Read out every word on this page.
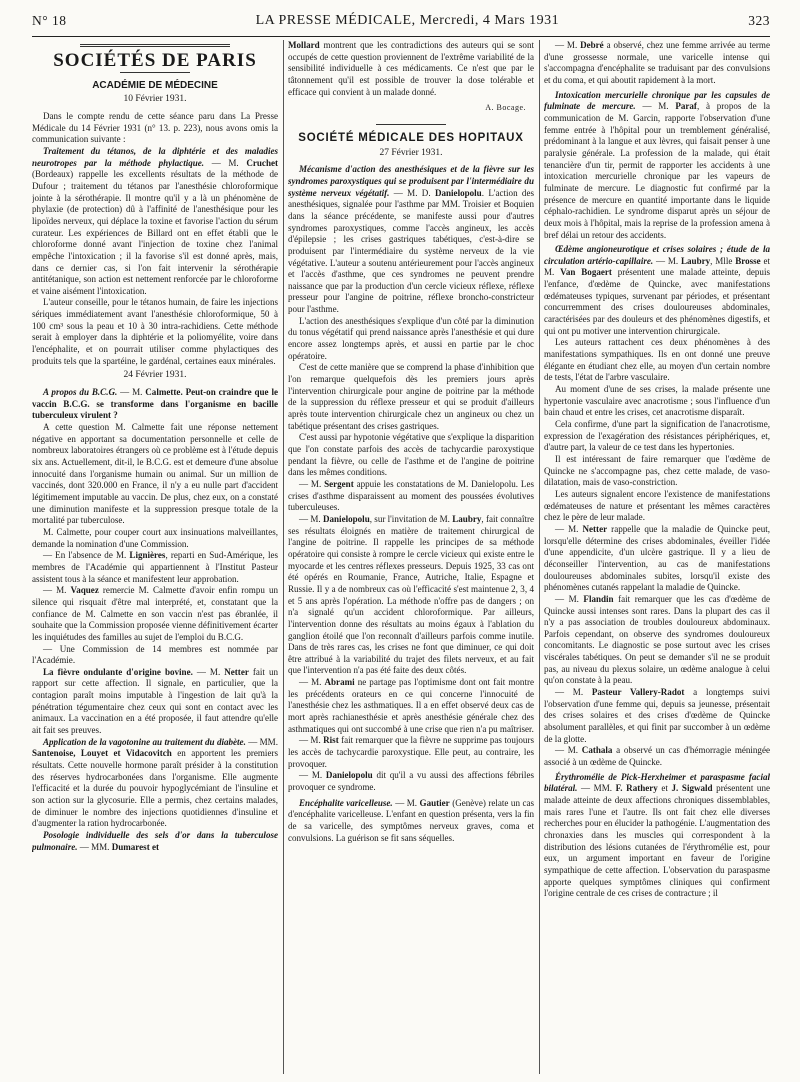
N° 18	LA PRESSE MÉDICALE, Mercredi, 4 Mars 1931	323
SOCIÉTÉS DE PARIS
ACADÉMIE DE MÉDECINE
10 Février 1931.

Dans le compte rendu de cette séance paru dans La Presse Médicale du 14 Février 1931 (n° 13. p. 223), nous avons omis la communication suivante :

Traitement du tétanos, de la diphtérie et des maladies neurotropes par la méthode phylactique. — M. Cruchet (Bordeaux) rappelle les excellents résultats de la méthode de Dufour ; traitement du tétanos par l'anesthésie chloroformique jointe à la sérothérapie. Il montre qu'il y a là un phénomène de phylaxie (de protection) dû à l'affinité de l'anesthésique pour les lipoïdes nerveux, qui déplace la toxine et favorise l'action du sérum curateur. Les expériences de Billard ont en effet établi que le chloroforme donné avant l'injection de toxine chez l'animal empêche l'intoxication ; il la favorise s'il est donné après, mais, dans ce dernier cas, si l'on fait intervenir la sérothérapie antitétanique, son action est nettement renforcée par le chloroforme et vaine aisément l'intoxication.

L'auteur conseille, pour le tétanos humain, de faire les injections sériques immédiatement avant l'anesthésie chloroformique, 50 à 100 cm³ sous la peau et 10 à 30 intra-rachidiens. Cette méthode serait à employer dans la diphtérie et la poliomyélite, voire dans l'encéphalite, et on pourrait utiliser comme phylactiques des produits tels que la spartéine, le gardénal, certaines eaux minérales.

24 Février 1931.

A propos du B.C.G. — M. Calmette. Peut-on craindre que le vaccin B.C.G. se transforme dans l'organisme en bacille tuberculeux virulent ?

A cette question M. Calmette fait une réponse nettement négative en apportant sa documentation personnelle et celle de nombreux laboratoires étrangers où ce problème est à l'étude depuis six ans. Actuellement, dit-il, le B.C.G. est et demeure d'une absolue innocuité dans l'organisme humain ou animal. Sur un million de vaccinés, dont 320.000 en France, il n'y a eu nulle part d'accident légitimement imputable au vaccin. De plus, chez eux, on a constaté une diminution manifeste et la suppression presque totale de la mortalité par tuberculose.

M. Calmette, pour couper court aux insinuations malveillantes, demande la nomination d'une Commission.

— En l'absence de M. Lignières, reparti en Sud-Amérique, les membres de l'Académie qui appartiennent à l'Institut Pasteur assistent tous à la séance et manifestent leur approbation.

— M. Vaquez remercie M. Calmette d'avoir enfin rompu un silence qui risquait d'être mal interprété, et, constatant que la confiance de M. Calmette en son vaccin n'est pas ébranlée, il souhaite que la Commission proposée vienne définitivement écarter les inquiétudes des familles au sujet de l'emploi du B.C.G.

— Une Commission de 14 membres est nommée par l'Académie.

La fièvre ondulante d'origine bovine. — M. Netter fait un rapport sur cette affection. Il signale, en particulier, que la contagion paraît moins imputable à l'ingestion de lait qu'à la pénétration tégumentaire chez ceux qui sont en contact avec les animaux. La vaccination en a été proposée, il faut attendre qu'elle ait fait ses preuves.

Application de la vagotonine au traitement du diabète. — MM. Santenoise, Louyet et Vidacovitch en apportent les premiers résultats. Cette nouvelle hormone paraît présider à la constitution des réserves hydrocarbonées dans l'organisme. Elle augmente l'efficacité et la durée du pouvoir hypoglycémiant de l'insuline et son action sur la glycosurie. Elle a permis, chez certains malades, de diminuer le nombre des injections quotidiennes d'insuline et d'augmenter la ration hydrocarbonée.

Posologie individuelle des sels d'or dans la tuberculose pulmonaire. — MM. Dumarest et

Mollard montrent que les contradictions des auteurs qui se sont occupés de cette question proviennent de l'extrême variabilité de la sensibilité individuelle à ces médicaments. Ce n'est que par le tâtonnement qu'il est possible de trouver la dose tolérable et efficace qui convient à un malade donné.

A. Bocage.
SOCIÉTÉ MÉDICALE DES HOPITAUX
27 Février 1931.

Mécanisme d'action des anesthésiques et de la fièvre sur les syndromes paroxystiques qui se produisent par l'intermédiaire du système nerveux végétatif. — M. D. Danielopolu. L'action des anesthésiques, signalée pour l'asthme par MM. Troisier et Boquien dans la séance précédente, se manifeste aussi pour d'autres syndromes paroxystiques, comme l'accès angineux, les accès d'épilepsie ; les crises gastriques tabétiques, c'est-à-dire se produisent par l'intermédiaire du système nerveux de la vie végétative. L'auteur a soutenu antérieurement pour l'accès angineux et l'accès d'asthme, que ces syndromes ne peuvent prendre naissance que par la production d'un cercle vicieux réflexe, réflexe presseur pour l'angine de poitrine, réflexe broncho-constricteur pour l'asthme.

L'action des anesthésiques s'explique d'un côté par la diminution du tonus végétatif qui prend naissance après l'anesthésie et qui dure encore assez longtemps après, et aussi en partie par le choc opératoire.

C'est de cette manière que se comprend la phase d'inhibition que l'on remarque quelquefois dès les premiers jours après l'intervention chirurgicale pour angine de poitrine par la méthode de la suppression du réflexe presseur et qui se produit d'ailleurs après toute intervention chirurgicale chez un angineux ou chez un tabétique présentant des crises gastriques.

C'est aussi par hypotonie végétative que s'explique la disparition que l'on constate parfois des accès de tachycardie paroxystique pendant la fièvre, ou celle de l'asthme et de l'angine de poitrine dans les mêmes conditions.

— M. Sergent appuie les constatations de M. Danielopolu. Les crises d'asthme disparaissent au moment des poussées évolutives tuberculeuses.

— M. Danielopolu, sur l'invitation de M. Laubry, fait connaître ses résultats éloignés en matière de traitement chirurgical de l'angine de poitrine. Il rappelle les principes de sa méthode opératoire qui consiste à rompre le cercle vicieux qui existe entre le myocarde et les centres réflexes presseurs. Depuis 1925, 33 cas ont été opérés en Roumanie, France, Autriche, Italie, Espagne et Russie. Il y a de nombreux cas où l'efficacité s'est maintenue 2, 3, 4 et 5 ans après l'opération. La méthode n'offre pas de dangers ; on n'a signalé qu'un accident chloroformique. Par ailleurs, l'intervention donne des résultats au moins égaux à l'ablation du ganglion étoilé que l'on reconnaît d'ailleurs parfois comme inutile. Dans de très rares cas, les crises ne font que diminuer, ce qui doit être attribué à la variabilité du trajet des filets nerveux, et au fait que l'intervention n'a pas été faite des deux côtés.

— M. Abrami ne partage pas l'optimisme dont ont fait montre les précédents orateurs en ce qui concerne l'innocuité de l'anesthésie chez les asthmatiques. Il a en effet observé deux cas de mort après rachianesthésie et après anesthésie générale chez des asthmatiques qui ont succombé à une crise que rien n'a pu maîtriser.

— M. Rist fait remarquer que la fièvre ne supprime pas toujours les accès de tachycardie paroxystique. Elle peut, au contraire, les provoquer.

— M. Danielopolu dit qu'il a vu aussi des affections fébriles provoquer ce syndrome.

Encéphalite varicelleuse. — M. Gautier (Genève) relate un cas d'encéphalite varicelleuse. L'enfant en question présenta, vers la fin de sa varicelle, des symptômes nerveux graves, coma et convulsions. La guérison se fit sans séquelles.

— M. Debré a observé, chez une femme arrivée au terme d'une grossesse normale, une varicelle intense qui s'accompagna d'encéphalite se traduisant par des convulsions et du coma, et qui aboutit rapidement à la mort.

Intoxication mercurielle chronique par les capsules de fulminate de mercure. — M. Paraf, à propos de la communication de M. Garcin, rapporte l'observation d'une femme entrée à l'hôpital pour un tremblement généralisé, prédominant à la langue et aux lèvres, qui faisait penser à une paralysie générale. La profession de la malade, qui était tenancière d'un tir, permit de rapporter les accidents à une intoxication mercurielle chronique par les vapeurs de fulminate de mercure. Le diagnostic fut confirmé par la présence de mercure en quantité importante dans le liquide céphalo-rachidien. Le syndrome disparut après un séjour de deux mois à l'hôpital, mais la reprise de la profession amena à bref délai un retour des accidents.

Œdème angioneurotique et crises solaires ; étude de la circulation artério-capillaire. — M. Laubry, Mlle Brosse et M. Van Bogaert présentent une malade atteinte, depuis l'enfance, d'œdème de Quincke, avec manifestations œdémateuses typiques, survenant par périodes, et présentant concurremment des crises douloureuses abdominales, caractérisées par des douleurs et des phénomènes digestifs, et qui ont pu motiver une intervention chirurgicale.

Les auteurs rattachent ces deux phénomènes à des manifestations sympathiques. Ils en ont donné une preuve élégante en étudiant chez elle, au moyen d'un certain nombre de tests, l'état de l'arbre vasculaire.

Au moment d'une de ses crises, la malade présente une hypertonie vasculaire avec anacrotisme ; sous l'influence d'un bain chaud et entre les crises, cet anacrotisme disparaît.

Cela confirme, d'une part la signification de l'anacrotisme, expression de l'exagération des résistances périphériques, et, d'autre part, la valeur de ce test dans les hypertonies.

Il est intéressant de faire remarquer que l'œdème de Quincke ne s'accompagne pas, chez cette malade, de vaso-dilatation, mais de vaso-constriction.

Les auteurs signalent encore l'existence de manifestations œdémateuses de nature et présentant les mêmes caractères chez le père de leur malade.

— M. Netter rappelle que la maladie de Quincke peut, lorsqu'elle détermine des crises abdominales, éveiller l'idée d'une appendicite, d'un ulcère gastrique. Il y a lieu de déconseiller l'intervention, au cas de manifestations douloureuses abdominales subites, lorsqu'il existe des phénomènes cutanés rappelant la maladie de Quincke.

— M. Flandin fait remarquer que les cas d'œdème de Quincke aussi intenses sont rares. Dans la plupart des cas il n'y a pas association de troubles douloureux abdominaux. Parfois cependant, on observe des syndromes douloureux concomitants. Le diagnostic se pose surtout avec les crises viscérales tabétiques. On peut se demander s'il ne se produit pas, au niveau du plexus solaire, un œdème analogue à celui qu'on constate à la peau.

— M. Pasteur Vallery-Radot a longtemps suivi l'observation d'une femme qui, depuis sa jeunesse, présentait des crises solaires et des crises d'œdème de Quincke absolument parallèles, et qui finit par succomber à un œdème de la glotte.

— M. Cathala a observé un cas d'hémorragie méningée associé à un œdème de Quincke.

Érythromélie de Pick-Herxheimer et paraspasme facial bilatéral. — MM. F. Rathery et J. Sigwald présentent une malade atteinte de deux affections chroniques dissemblables, mais rares l'une et l'autre. Ils ont fait chez elle diverses recherches pour en élucider la pathogénie. L'augmentation des chronaxies dans les muscles qui correspondent à la distribution des lésions cutanées de l'érythromélie est, pour eux, un argument important en faveur de l'origine sympathique de cette affection. L'observation du paraspasme apporte quelques symptômes cliniques qui confirment l'origine centrale de ces crises de contracture ; il
